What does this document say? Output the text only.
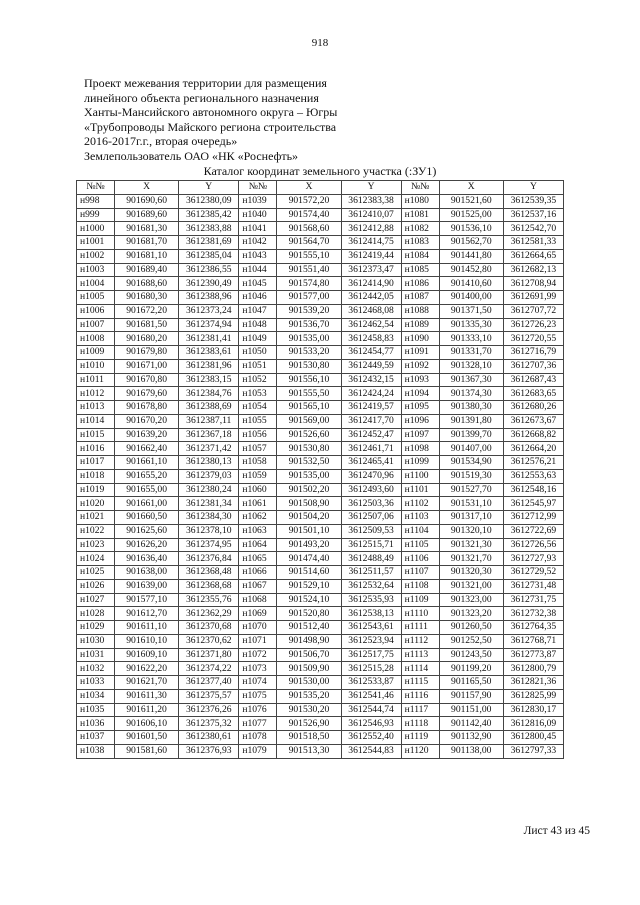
918
Проект межевания территории для размещения
линейного объекта регионального назначения
Ханты-Мансийского автономного округа – Югры
«Трубопроводы Майского региона строительства
2016-2017г.г., вторая очередь»
Землепользователь ОАО «НК «Роснефть»
Каталог координат земельного участка (:ЗУ1)
№№	X	Y	№№	X	Y	№№	X	Y
н998	901690,60	3612380,09	н1039	901572,20	3612383,38	н1080	901521,60	3612539,35
н999	901689,60	3612385,42	н1040	901574,40	3612410,07	н1081	901525,00	3612537,16
н1000	901681,30	3612383,88	н1041	901568,60	3612412,88	н1082	901536,10	3612542,70
н1001	901681,70	3612381,69	н1042	901564,70	3612414,75	н1083	901562,70	3612581,33
н1002	901681,10	3612385,04	н1043	901555,10	3612419,44	н1084	901441,80	3612664,65
н1003	901689,40	3612386,55	н1044	901551,40	3612373,47	н1085	901452,80	3612682,13
н1004	901688,60	3612390,49	н1045	901574,80	3612414,90	н1086	901410,60	3612708,94
н1005	901680,30	3612388,96	н1046	901577,00	3612442,05	н1087	901400,00	3612691,99
н1006	901672,20	3612373,24	н1047	901539,20	3612468,08	н1088	901371,50	3612707,72
н1007	901681,50	3612374,94	н1048	901536,70	3612462,54	н1089	901335,30	3612726,23
н1008	901680,20	3612381,41	н1049	901535,00	3612458,83	н1090	901333,10	3612720,55
н1009	901679,80	3612383,61	н1050	901533,20	3612454,77	н1091	901331,70	3612716,79
н1010	901671,00	3612381,96	н1051	901530,80	3612449,59	н1092	901328,10	3612707,36
н1011	901670,80	3612383,15	н1052	901556,10	3612432,15	н1093	901367,30	3612687,43
н1012	901679,60	3612384,76	н1053	901555,50	3612424,24	н1094	901374,30	3612683,65
н1013	901678,80	3612388,69	н1054	901565,10	3612419,57	н1095	901380,30	3612680,26
н1014	901670,20	3612387,11	н1055	901569,00	3612417,70	н1096	901391,80	3612673,67
н1015	901639,20	3612367,18	н1056	901526,60	3612452,47	н1097	901399,70	3612668,82
н1016	901662,40	3612371,42	н1057	901530,80	3612461,71	н1098	901407,00	3612664,20
н1017	901661,10	3612380,13	н1058	901532,50	3612465,41	н1099	901534,90	3612576,21
н1018	901655,20	3612379,03	н1059	901535,00	3612470,96	н1100	901519,30	3612553,63
н1019	901655,00	3612380,24	н1060	901502,20	3612493,60	н1101	901527,70	3612548,16
н1020	901661,00	3612381,34	н1061	901508,90	3612503,36	н1102	901531,10	3612545,97
н1021	901660,50	3612384,30	н1062	901504,20	3612507,06	н1103	901317,10	3612712,99
н1022	901625,60	3612378,10	н1063	901501,10	3612509,53	н1104	901320,10	3612722,69
н1023	901626,20	3612374,95	н1064	901493,20	3612515,71	н1105	901321,30	3612726,56
н1024	901636,40	3612376,84	н1065	901474,40	3612488,49	н1106	901321,70	3612727,93
н1025	901638,00	3612368,48	н1066	901514,60	3612511,57	н1107	901320,30	3612729,52
н1026	901639,00	3612368,68	н1067	901529,10	3612532,64	н1108	901321,00	3612731,48
н1027	901577,10	3612355,76	н1068	901524,10	3612535,93	н1109	901323,00	3612731,75
н1028	901612,70	3612362,29	н1069	901520,80	3612538,13	н1110	901323,20	3612732,38
н1029	901611,10	3612370,68	н1070	901512,40	3612543,61	н1111	901260,50	3612764,35
н1030	901610,10	3612370,62	н1071	901498,90	3612523,94	н1112	901252,50	3612768,71
н1031	901609,10	3612371,80	н1072	901506,70	3612517,75	н1113	901243,50	3612773,87
н1032	901622,20	3612374,22	н1073	901509,90	3612515,28	н1114	901199,20	3612800,79
н1033	901621,70	3612377,40	н1074	901530,00	3612533,87	н1115	901165,50	3612821,36
н1034	901611,30	3612375,57	н1075	901535,20	3612541,46	н1116	901157,90	3612825,99
н1035	901611,20	3612376,26	н1076	901530,20	3612544,74	н1117	901151,00	3612830,17
н1036	901606,10	3612375,32	н1077	901526,90	3612546,93	н1118	901142,40	3612816,09
н1037	901601,50	3612380,61	н1078	901518,50	3612552,40	н1119	901132,90	3612800,45
н1038	901581,60	3612376,93	н1079	901513,30	3612544,83	н1120	901138,00	3612797,33
Лист 43 из 45
